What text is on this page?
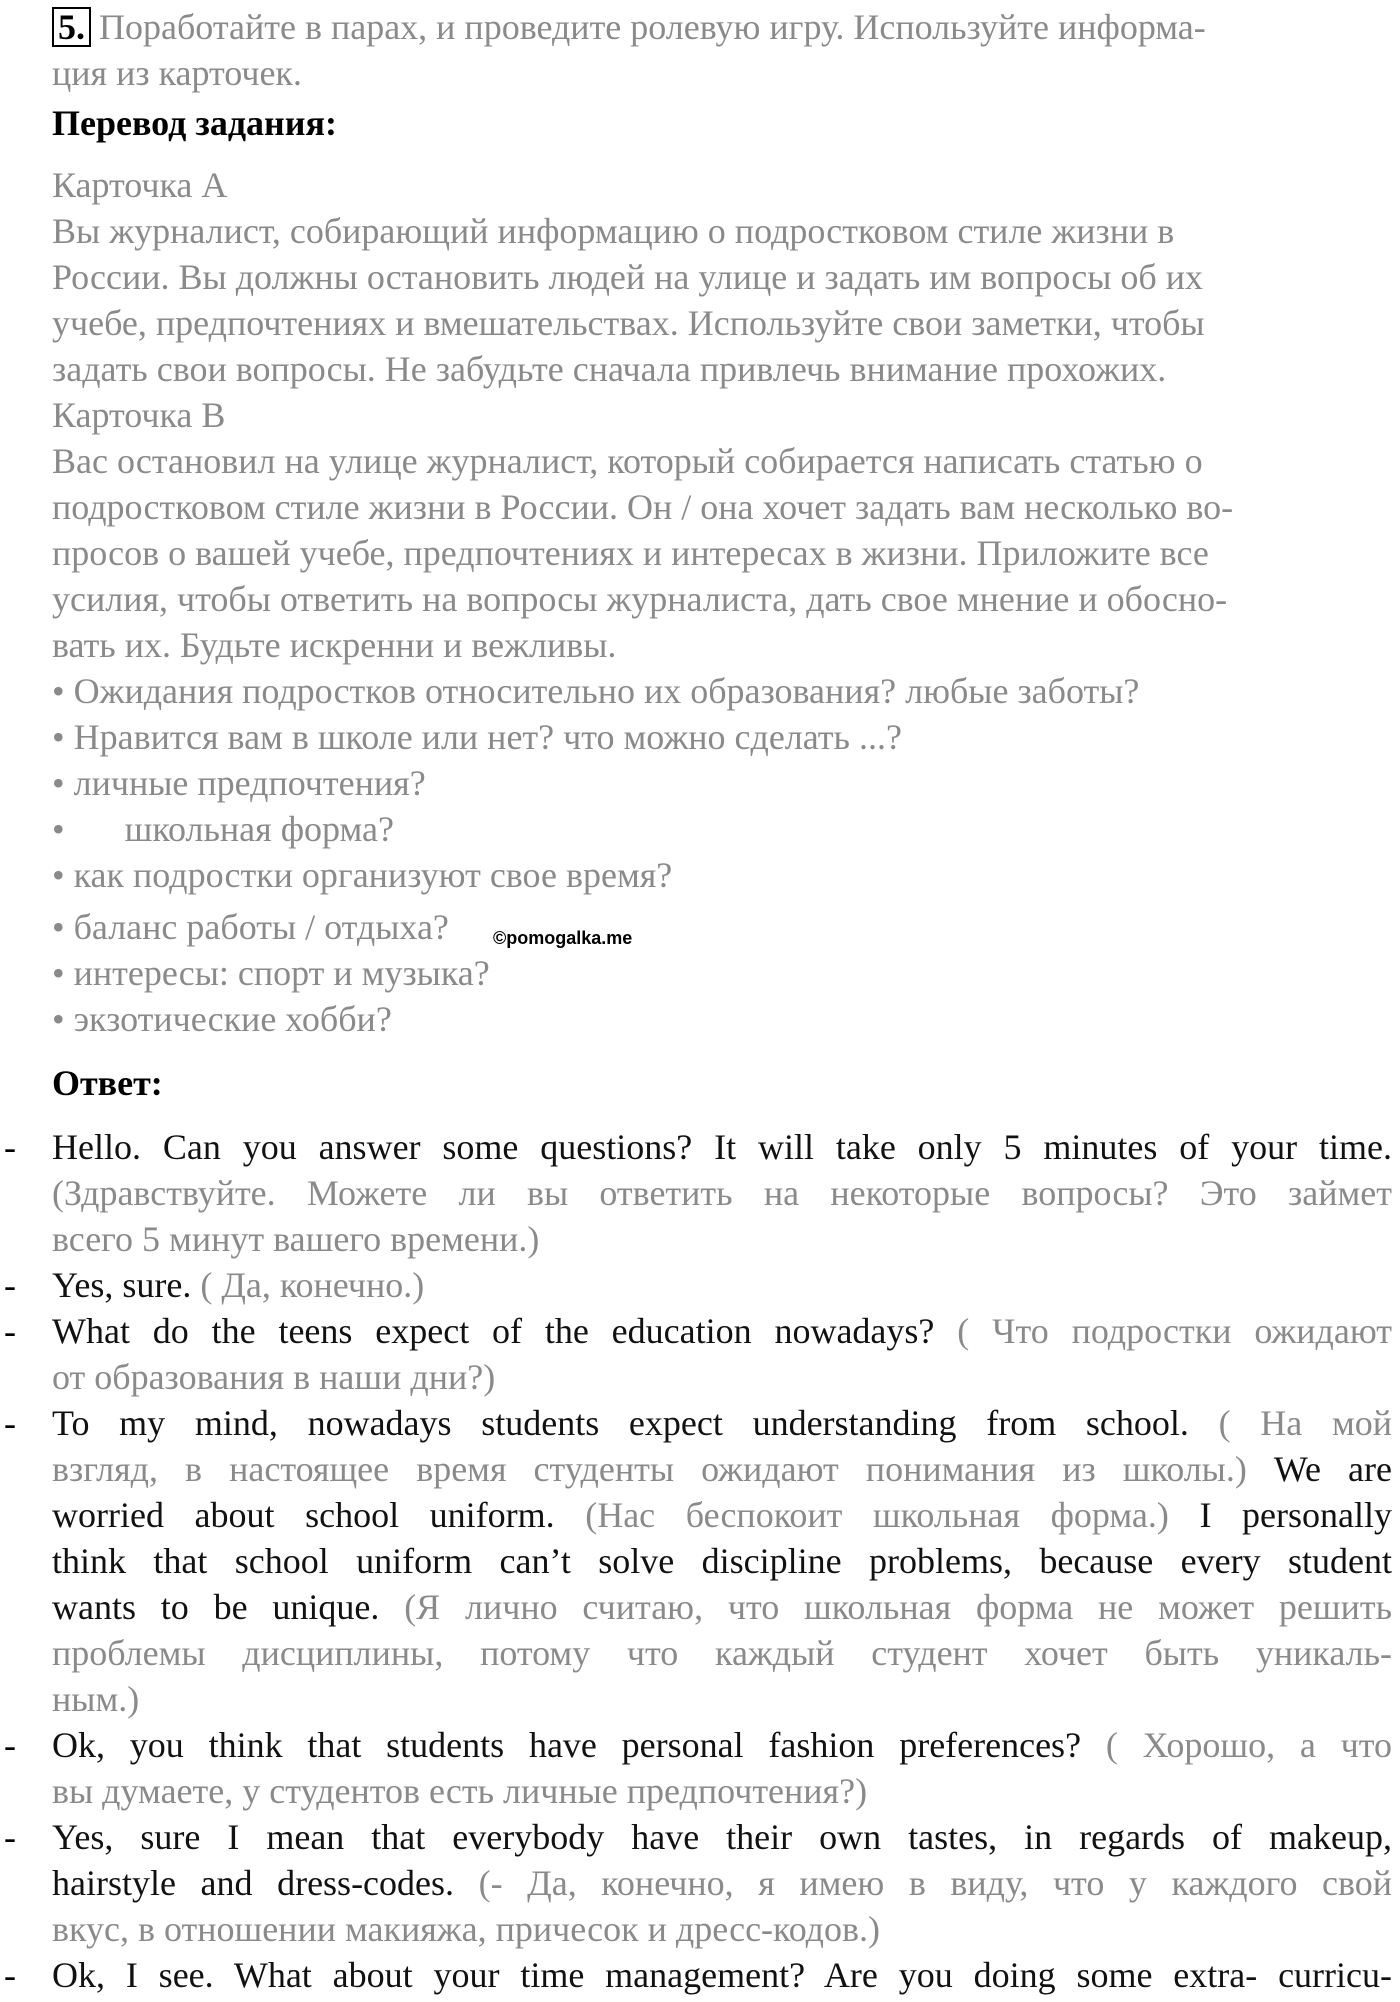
5. Поработайте в парах, и проведите ролевую игру. Используйте информа-
ция из карточек.
Перевод задания:
Карточка А
Вы журналист, собирающий информацию о подростковом стиле жизни в
России. Вы должны остановить людей на улице и задать им вопросы об их
учебе, предпочтениях и вмешательствах. Используйте свои заметки, чтобы
задать свои вопросы. Не забудьте сначала привлечь внимание прохожих.
Карточка В
Вас остановил на улице журналист, который собирается написать статью о
подростковом стиле жизни в России. Он / она хочет задать вам несколько во-
просов о вашей учебе, предпочтениях и интересах в жизни. Приложите все
усилия, чтобы ответить на вопросы журналиста, дать свое мнение и обосно-
вать их. Будьте искренни и вежливы.
• Ожидания подростков относительно их образования? любые заботы?
• Нравится вам в школе или нет? что можно сделать ...?
• личные предпочтения?
• школьная форма?
• как подростки организуют свое время?
• баланс работы / отдыха?	©pomogalka.me
• интересы: спорт и музыка?
• экзотические хобби?
Ответ:
- Hello. Can you answer some questions? It will take only 5 minutes of your time.
(Здравствуйте. Можете ли вы ответить на некоторые вопросы? Это займет
всего 5 минут вашего времени.)
- Yes, sure. ( Да, конечно.)
- What do the teens expect of the education nowadays? ( Что подростки ожидают
от образования в наши дни?)
- To my mind, nowadays students expect understanding from school. ( На мой
взгляд, в настоящее время студенты ожидают понимания из школы.) We are
worried about school uniform. (Нас беспокоит школьная форма.) I personally
think that school uniform can’t solve discipline problems, because every student
wants to be unique. (Я лично считаю, что школьная форма не может решить
проблемы дисциплины, потому что каждый студент хочет быть уникаль-
ным.)
- Ok, you think that students have personal fashion preferences? ( Хорошо, а что
вы думаете, у студентов есть личные предпочтения?)
- Yes, sure I mean that everybody have their own tastes, in regards of makeup,
hairstyle and dress-codes. (- Да, конечно, я имею в виду, что у каждого свой
вкус, в отношении макияжа, причесок и дресс-кодов.)
- Ok, I see. What about your time management? Are you doing some extra- curricu-
